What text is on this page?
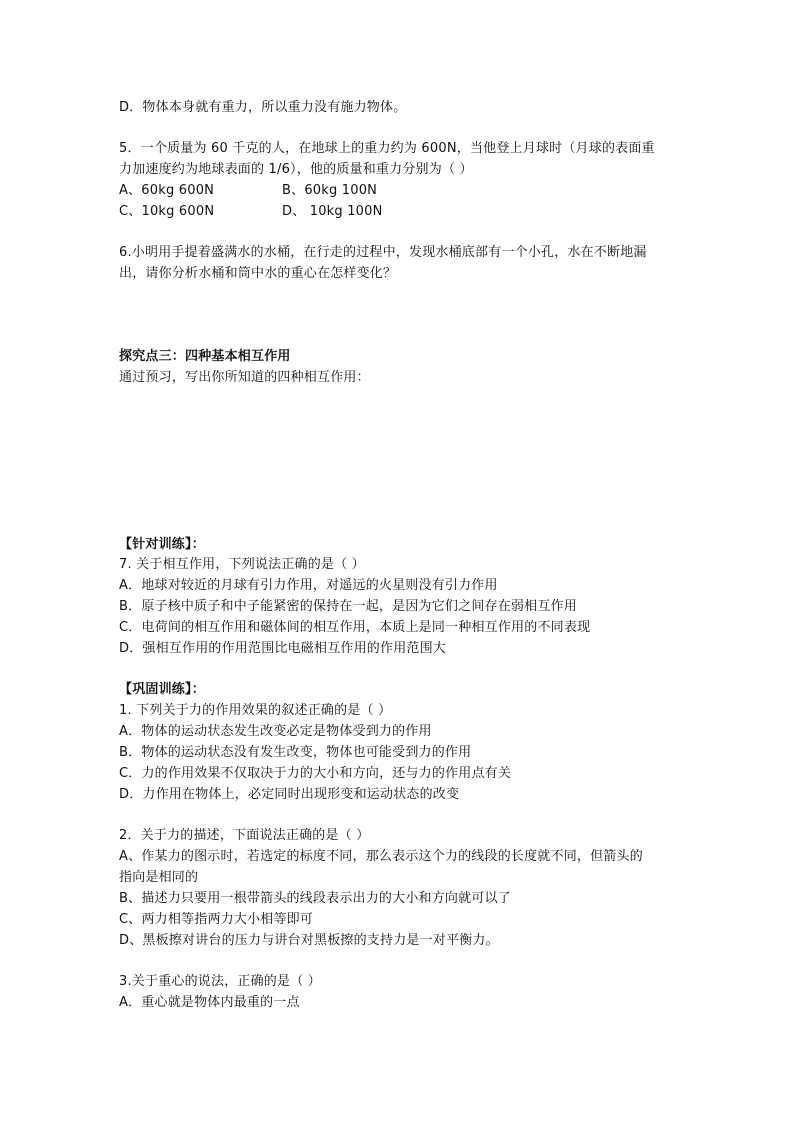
D．物体本身就有重力，所以重力没有施力物体。
5．一个质量为 60 千克的人，在地球上的重力约为 600N，当他登上月球时（月球的表面重
力加速度约为地球表面的 1/6），他的质量和重力分别为（ ）
A、60kg 600N	B、60kg 100N
C、10kg 600N	D、 10kg 100N
6.小明用手提着盛满水的水桶，在行走的过程中，发现水桶底部有一个小孔，水在不断地漏
出，请你分析水桶和筒中水的重心在怎样变化？
探究点三：四种基本相互作用
通过预习，写出你所知道的四种相互作用：
【针对训练】：
7. 关于相互作用，下列说法正确的是（ ）
A．地球对较近的月球有引力作用，对遥远的火星则没有引力作用
B．原子核中质子和中子能紧密的保持在一起，是因为它们之间存在弱相互作用
C．电荷间的相互作用和磁体间的相互作用，本质上是同一种相互作用的不同表现
D．强相互作用的作用范围比电磁相互作用的作用范围大
【巩固训练】：
1. 下列关于力的作用效果的叙述正确的是（ ）
A．物体的运动状态发生改变必定是物体受到力的作用
B．物体的运动状态没有发生改变，物体也可能受到力的作用
C．力的作用效果不仅取决于力的大小和方向，还与力的作用点有关
D．力作用在物体上，必定同时出现形变和运动状态的改变
2．关于力的描述，下面说法正确的是（ ）
A、作某力的图示时，若选定的标度不同，那么表示这个力的线段的长度就不同，但箭头的
指向是相同的
B、描述力只要用一根带箭头的线段表示出力的大小和方向就可以了
C、两力相等指两力大小相等即可
D、黑板擦对讲台的压力与讲台对黑板擦的支持力是一对平衡力。
3.关于重心的说法，正确的是（ ）
A．重心就是物体内最重的一点
